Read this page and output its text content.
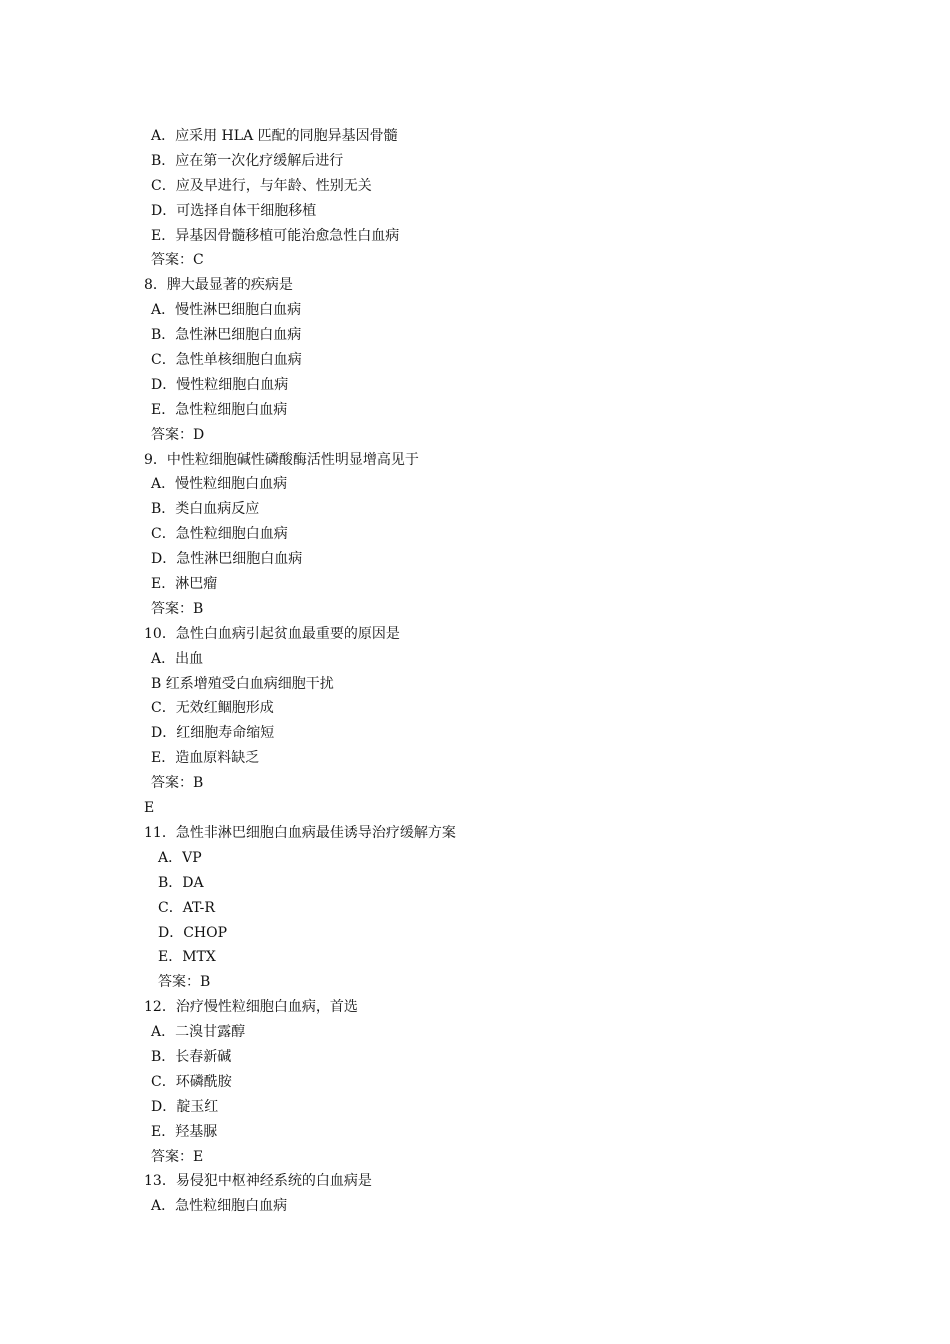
A．应采用 HLA 匹配的同胞异基因骨髓
B．应在第一次化疗缓解后进行
C．应及早进行，与年龄、性别无关
D．可选择自体干细胞移植
E．异基因骨髓移植可能治愈急性白血病
答案：C
8．脾大最显著的疾病是
A．慢性淋巴细胞白血病
B．急性淋巴细胞白血病
C．急性单核细胞白血病
D．慢性粒细胞白血病
E．急性粒细胞白血病
答案：D
9．中性粒细胞碱性磷酸酶活性明显增高见于
A．慢性粒细胞白血病
B．类白血病反应
C．急性粒细胞白血病
D．急性淋巴细胞白血病
E．淋巴瘤
答案：B
10．急性白血病引起贫血最重要的原因是
A．出血
B 红系增殖受白血病细胞干扰
C．无效红鲴胞形成
D．红细胞寿命缩短
E．造血原料缺乏
答案：B
E
11．急性非淋巴细胞白血病最佳诱导治疗缓解方案
A．VP
B．DA
C．AT-R
D．CHOP
E．MTX
答案：B
12．治疗慢性粒细胞白血病，首选
A．二溴甘露醇
B．长春新碱
C．环磷酰胺
D．靛玉红
E．羟基脲
答案：E
13．易侵犯中枢神经系统的白血病是
A．急性粒细胞白血病
